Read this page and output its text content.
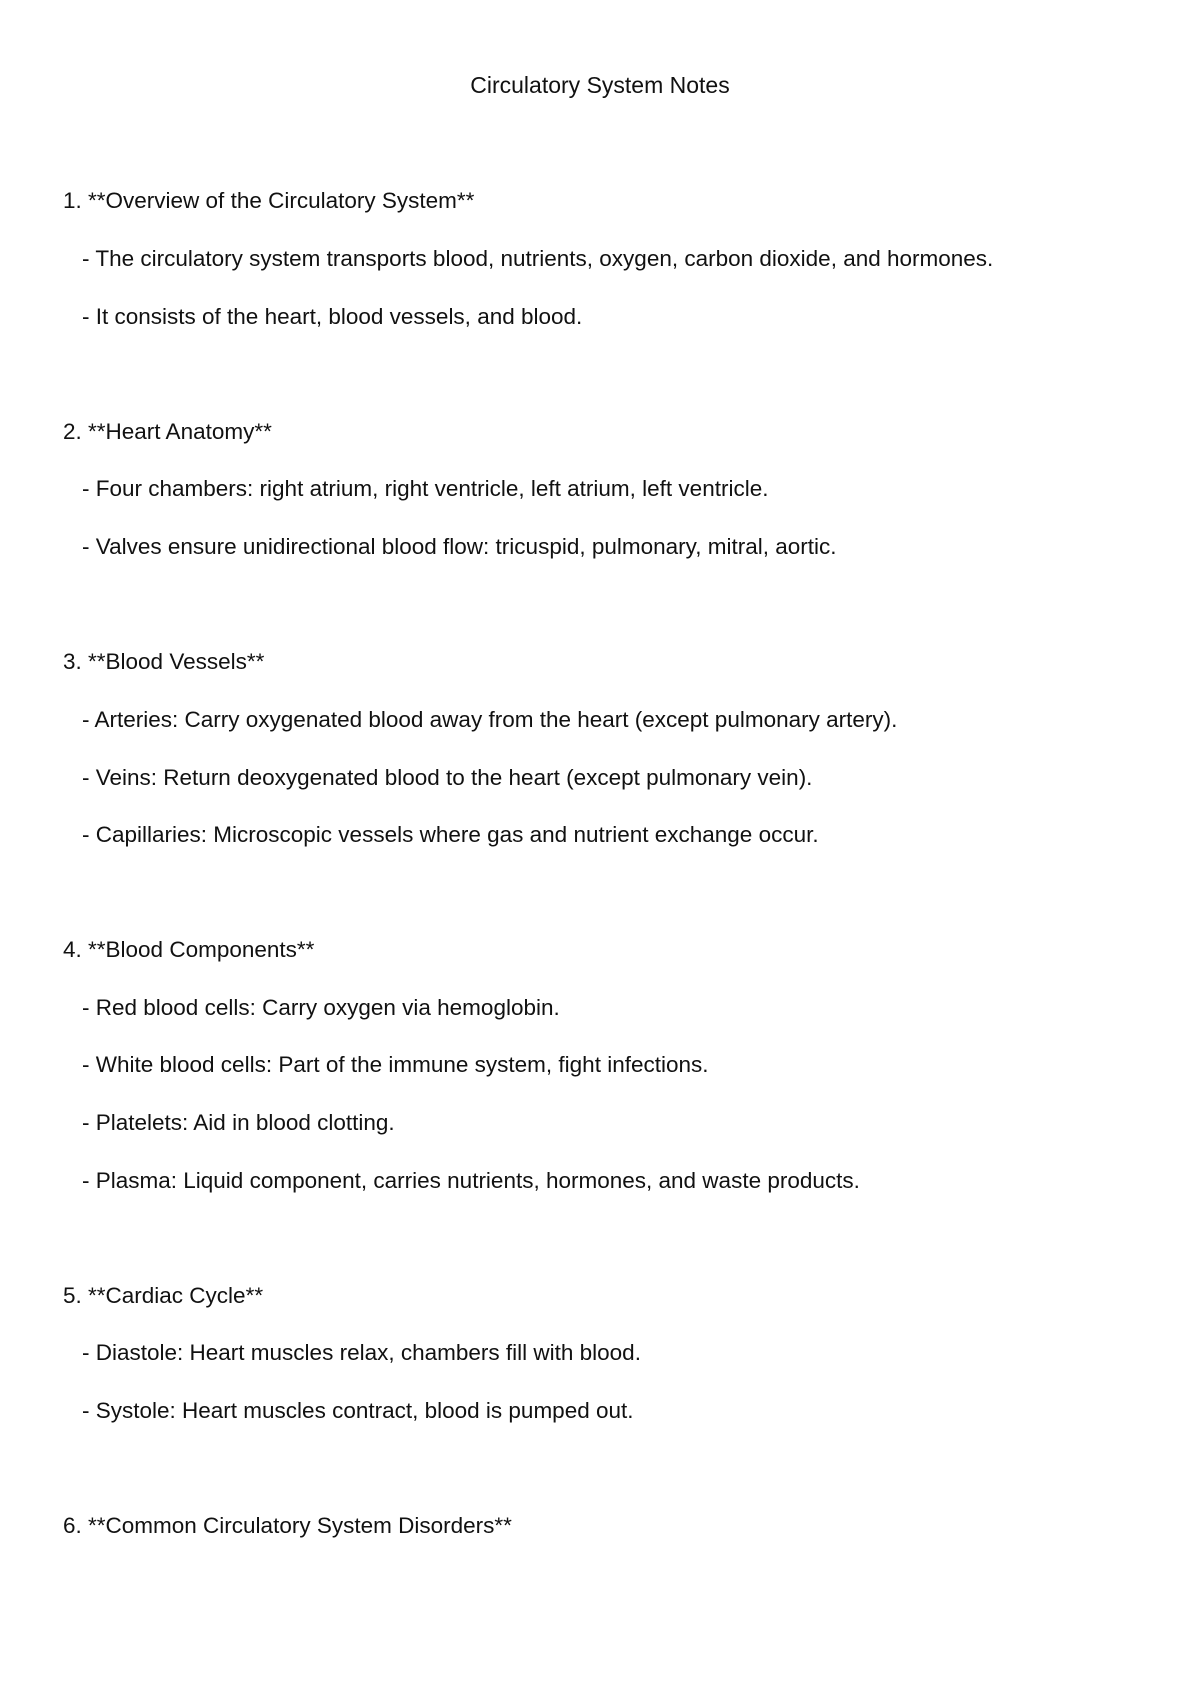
Circulatory System Notes
1. **Overview of the Circulatory System**
- The circulatory system transports blood, nutrients, oxygen, carbon dioxide, and hormones.
- It consists of the heart, blood vessels, and blood.
2. **Heart Anatomy**
- Four chambers: right atrium, right ventricle, left atrium, left ventricle.
- Valves ensure unidirectional blood flow: tricuspid, pulmonary, mitral, aortic.
3. **Blood Vessels**
- Arteries: Carry oxygenated blood away from the heart (except pulmonary artery).
- Veins: Return deoxygenated blood to the heart (except pulmonary vein).
- Capillaries: Microscopic vessels where gas and nutrient exchange occur.
4. **Blood Components**
- Red blood cells: Carry oxygen via hemoglobin.
- White blood cells: Part of the immune system, fight infections.
- Platelets: Aid in blood clotting.
- Plasma: Liquid component, carries nutrients, hormones, and waste products.
5. **Cardiac Cycle**
- Diastole: Heart muscles relax, chambers fill with blood.
- Systole: Heart muscles contract, blood is pumped out.
6. **Common Circulatory System Disorders**
